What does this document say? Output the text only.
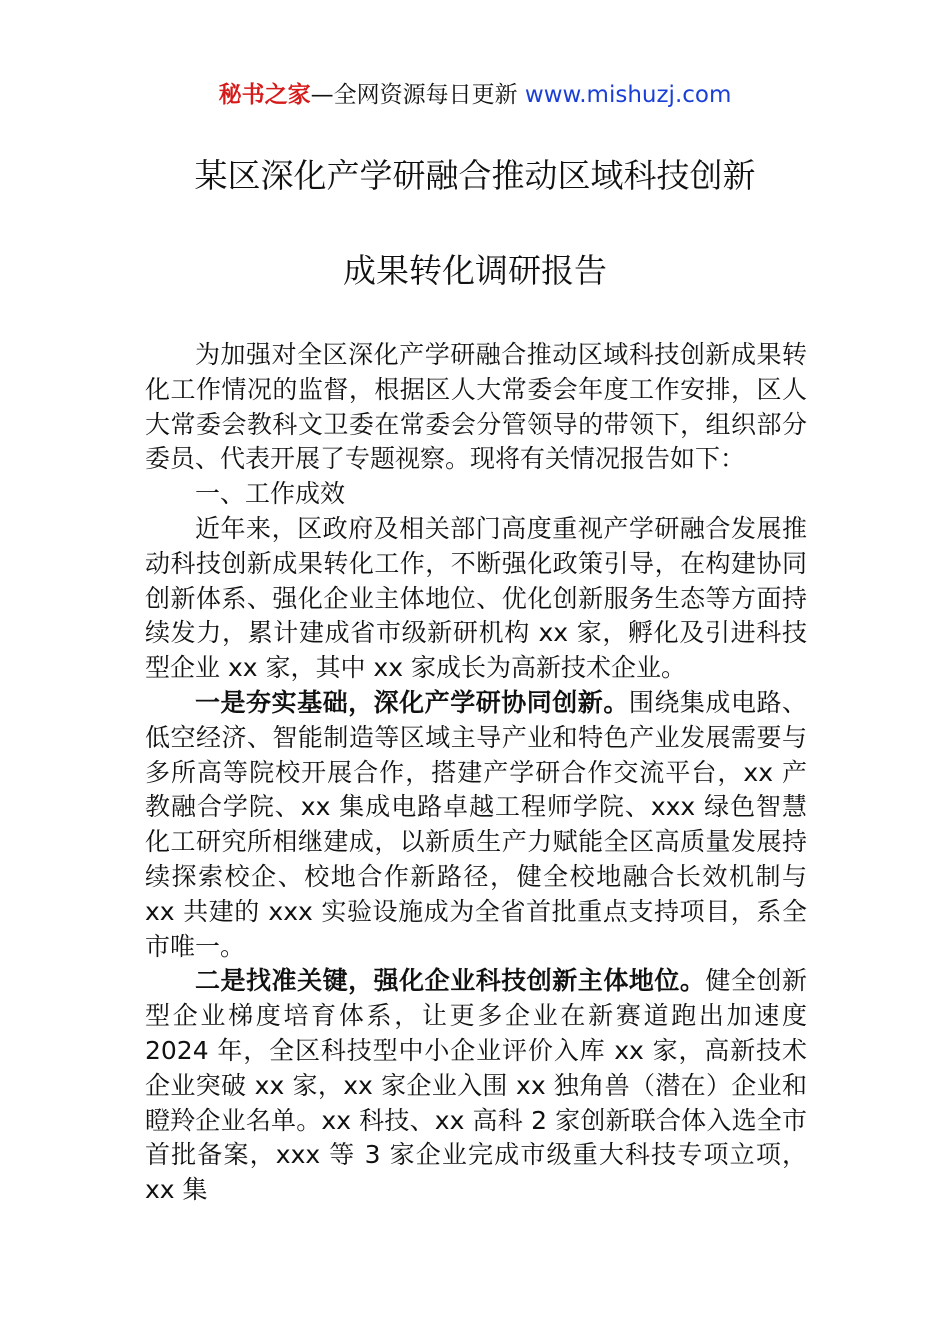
秘书之家—全网资源每日更新 www.mishuzj.com
某区深化产学研融合推动区域科技创新
成果转化调研报告

为加强对全区深化产学研融合推动区域科技创新成果转化工作情况的监督，根据区人大常委会年度工作安排，区人大常委会教科文卫委在常委会分管领导的带领下，组织部分委员、代表开展了专题视察。现将有关情况报告如下：

一、工作成效

近年来，区政府及相关部门高度重视产学研融合发展推动科技创新成果转化工作，不断强化政策引导，在构建协同创新体系、强化企业主体地位、优化创新服务生态等方面持续发力，累计建成省市级新研机构 xx 家，孵化及引进科技型企业 xx 家，其中 xx 家成长为高新技术企业。

一是夯实基础，深化产学研协同创新。围绕集成电路、低空经济、智能制造等区域主导产业和特色产业发展需要与多所高等院校开展合作，搭建产学研合作交流平台，xx 产教融合学院、xx 集成电路卓越工程师学院、xxx 绿色智慧化工研究所相继建成，以新质生产力赋能全区高质量发展持续探索校企、校地合作新路径，健全校地融合长效机制与 xx 共建的 xxx 实验设施成为全省首批重点支持项目，系全市唯一。

二是找准关键，强化企业科技创新主体地位。健全创新型企业梯度培育体系，让更多企业在新赛道跑出加速度 2024 年，全区科技型中小企业评价入库 xx 家，高新技术企业突破 xx 家，xx 家企业入围 xx 独角兽（潜在）企业和瞪羚企业名单。xx 科技、xx 高科 2 家创新联合体入选全市首批备案，xxx 等 3 家企业完成市级重大科技专项立项，xx 集
